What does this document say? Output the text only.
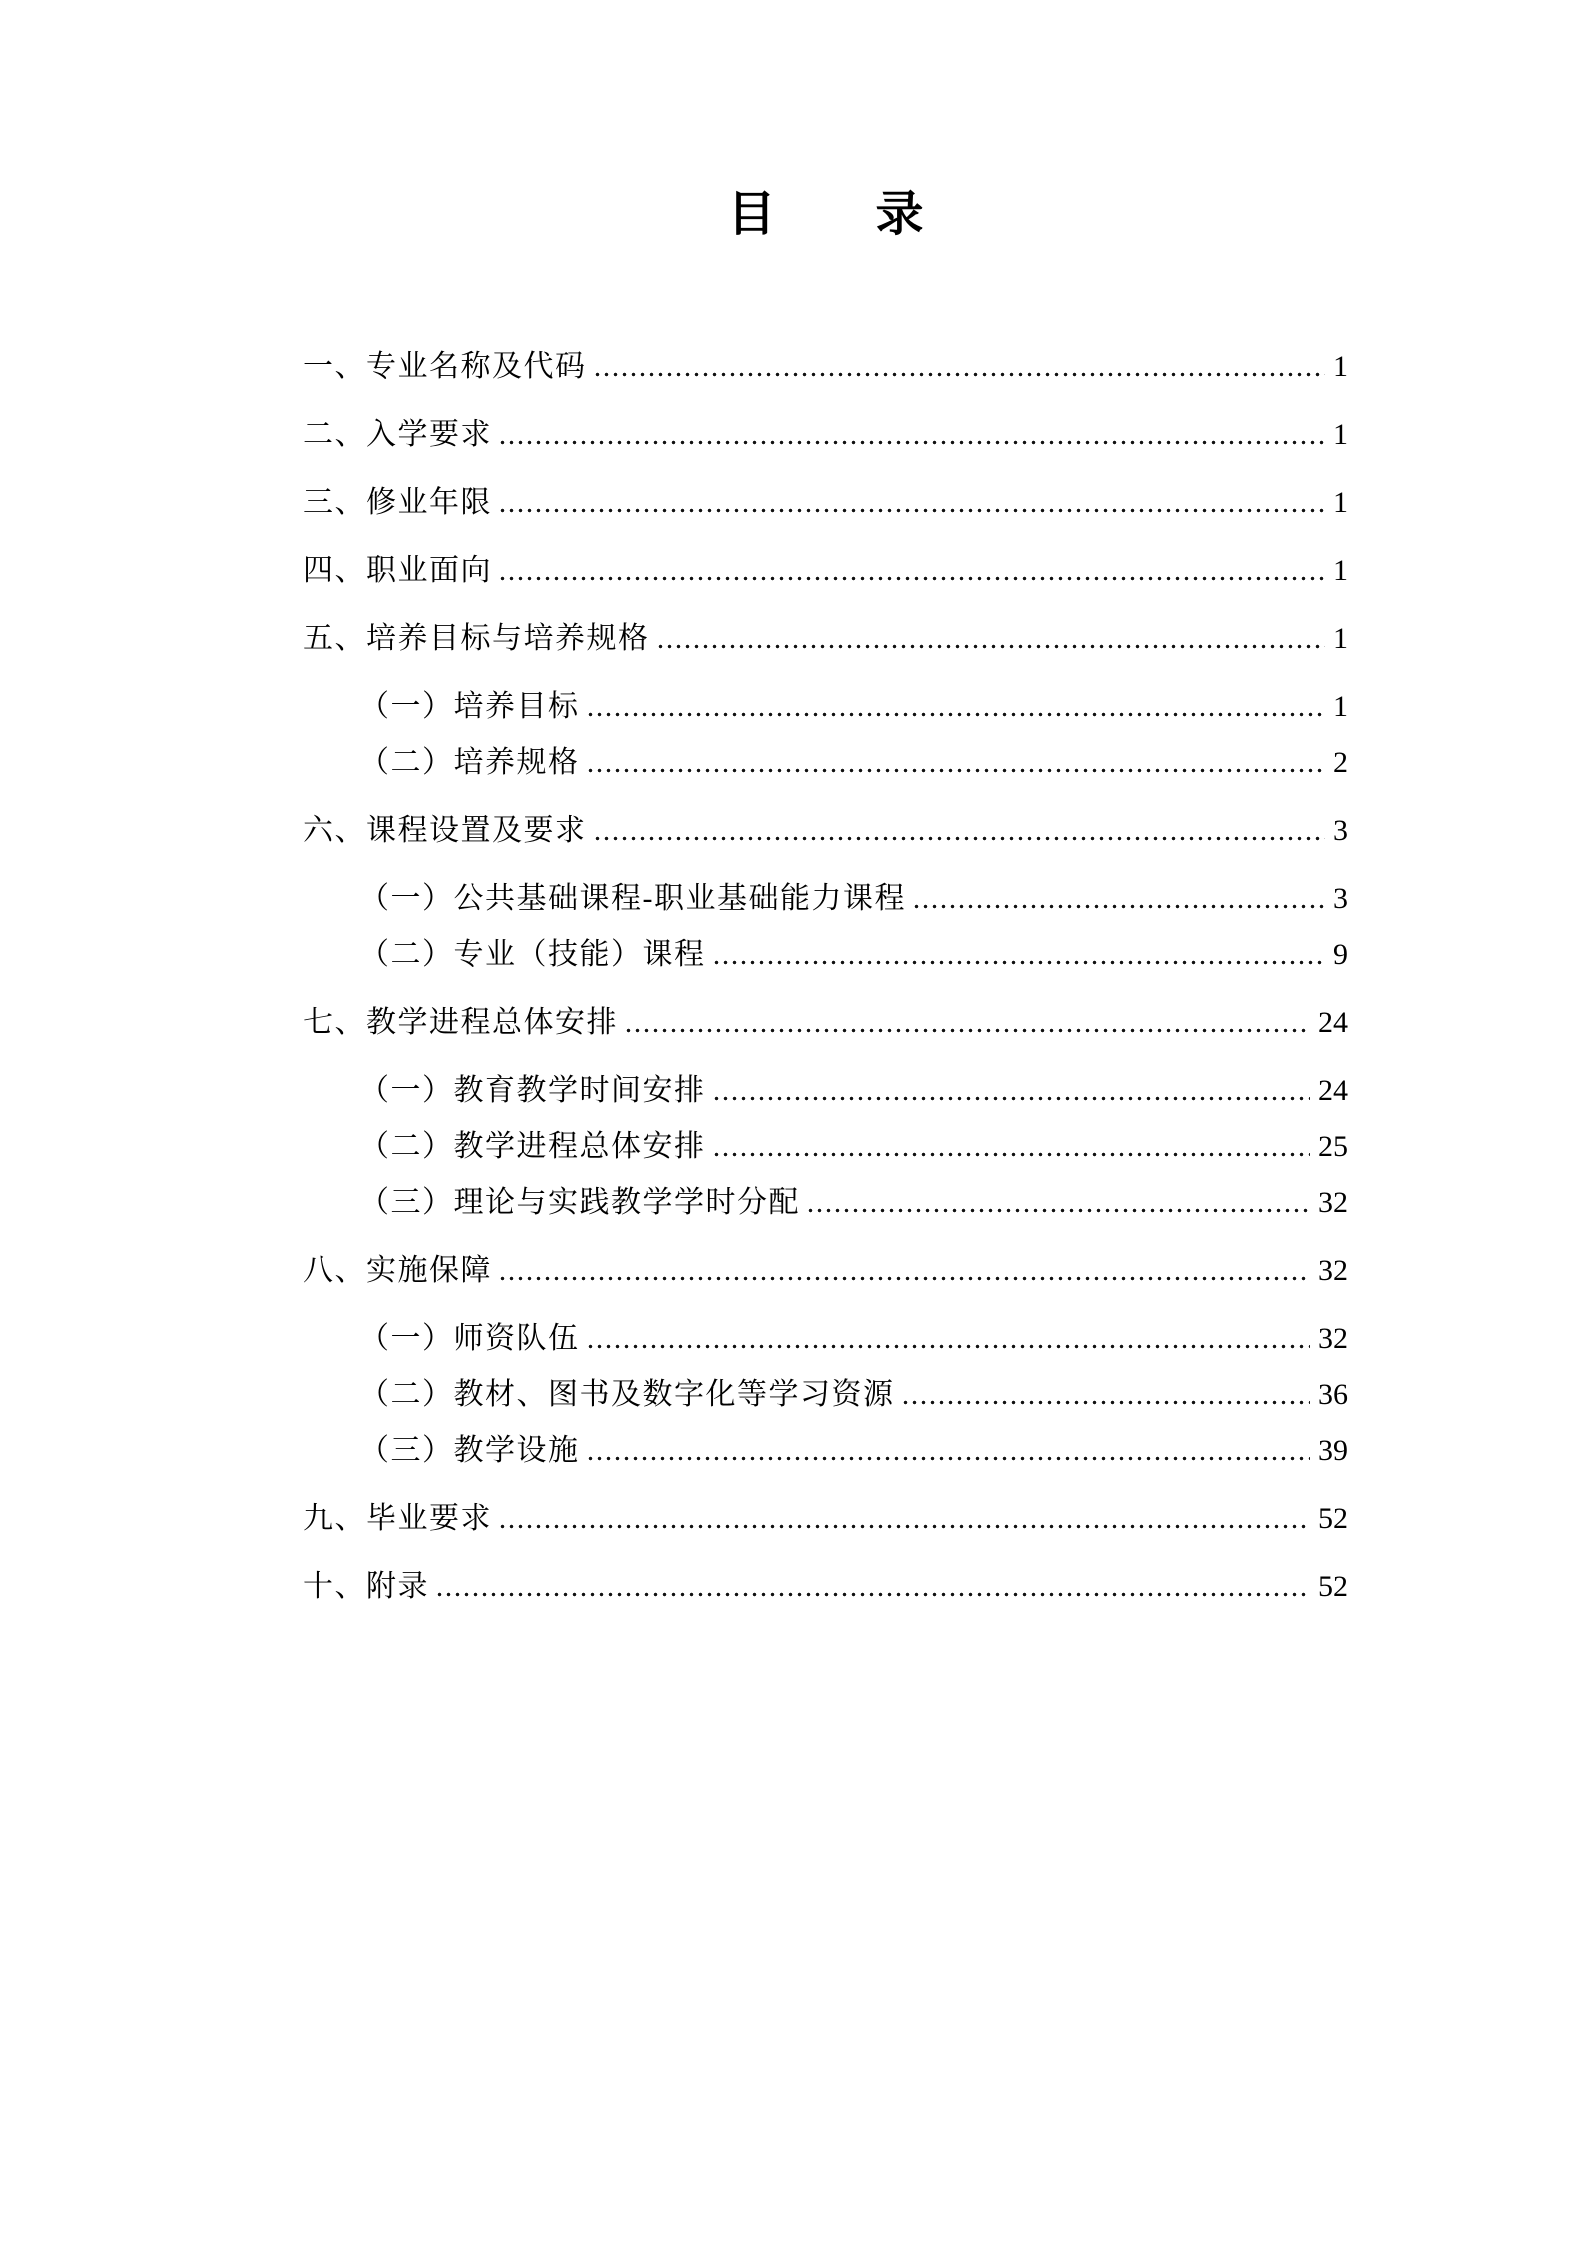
目 录
一、专业名称及代码	1
二、入学要求	1
三、修业年限	1
四、职业面向	1
五、培养目标与培养规格	1
（一）培养目标	1
（二）培养规格	2
六、课程设置及要求	3
（一）公共基础课程-职业基础能力课程	3
（二）专业（技能）课程	9
七、教学进程总体安排	24
（一）教育教学时间安排	24
（二）教学进程总体安排	25
（三）理论与实践教学学时分配	32
八、实施保障	32
（一）师资队伍	32
（二）教材、图书及数字化等学习资源	36
（三）教学设施	39
九、毕业要求	52
十、附录	52
